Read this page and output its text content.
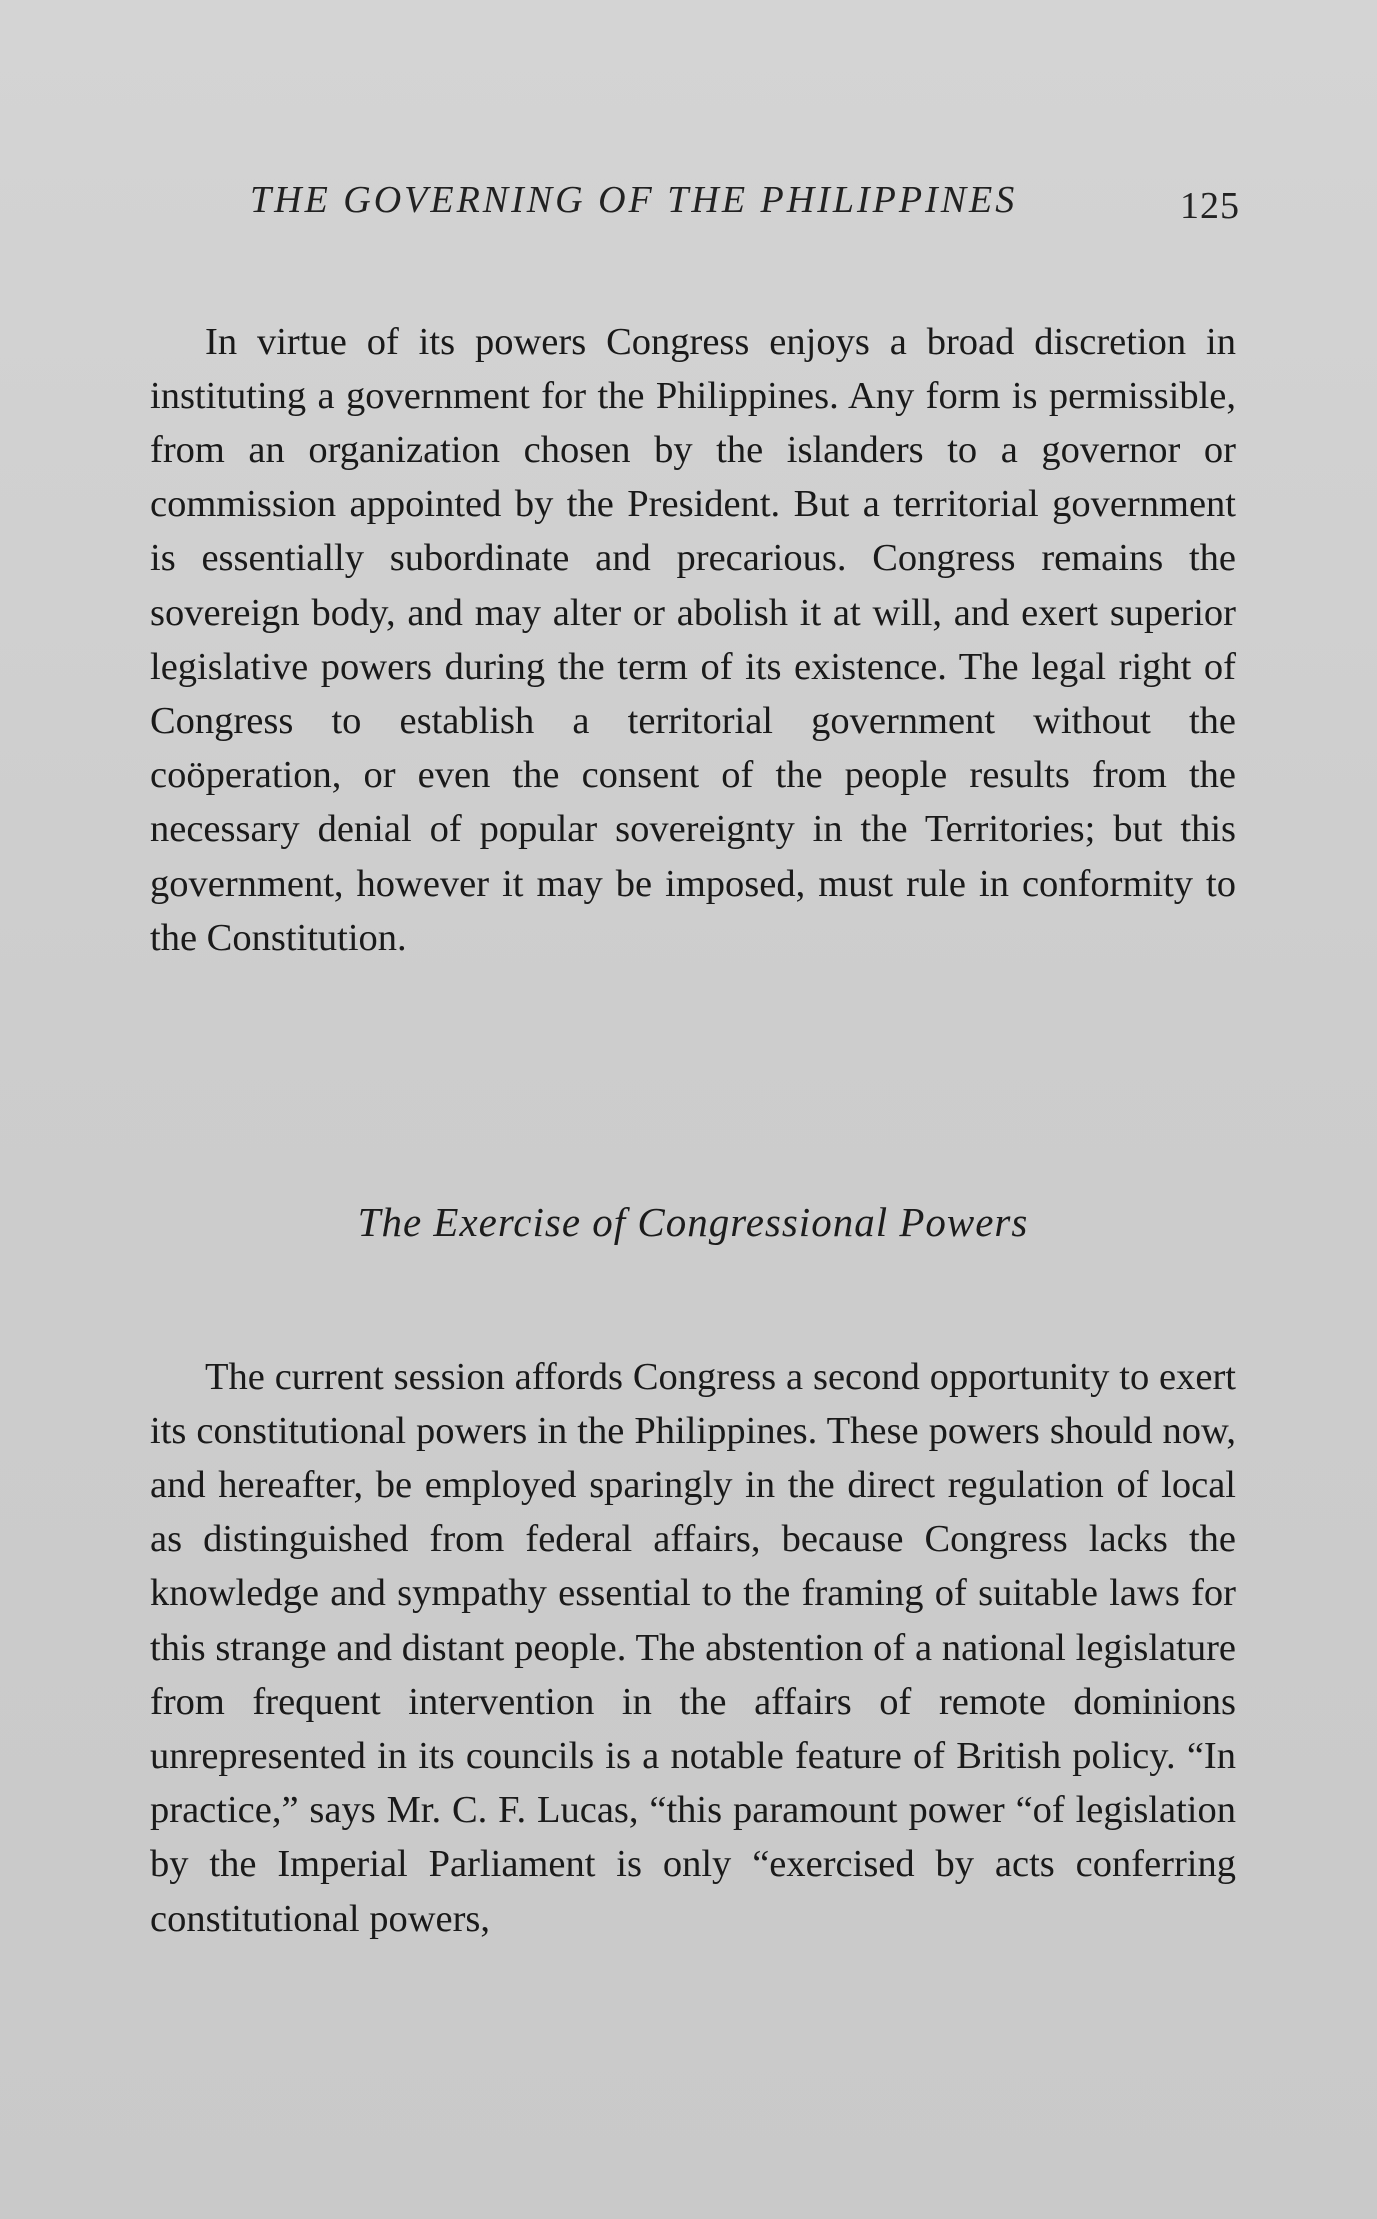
THE GOVERNING OF THE PHILIPPINES	125

In virtue of its powers Congress enjoys a broad discretion in instituting a government for the Philippines. Any form is permissible, from an organization chosen by the islanders to a governor or commission appointed by the President. But a territorial government is essentially subordinate and precarious. Congress remains the sovereign body, and may alter or abolish it at will, and exert superior legislative powers during the term of its existence. The legal right of Congress to establish a territorial government without the coöperation, or even the consent of the people results from the necessary denial of popular sovereignty in the Territories; but this government, however it may be imposed, must rule in conformity to the Constitution.

The Exercise of Congressional Powers

The current session affords Congress a second opportunity to exert its constitutional powers in the Philippines. These powers should now, and hereafter, be employed sparingly in the direct regulation of local as distinguished from federal affairs, because Congress lacks the knowledge and sympathy essential to the framing of suitable laws for this strange and distant people. The abstention of a national legislature from frequent intervention in the affairs of remote dominions unrepresented in its councils is a notable feature of British policy. “In practice,” says Mr. C. F. Lucas, “this paramount power “of legislation by the Imperial Parliament is only “exercised by acts conferring constitutional powers,
